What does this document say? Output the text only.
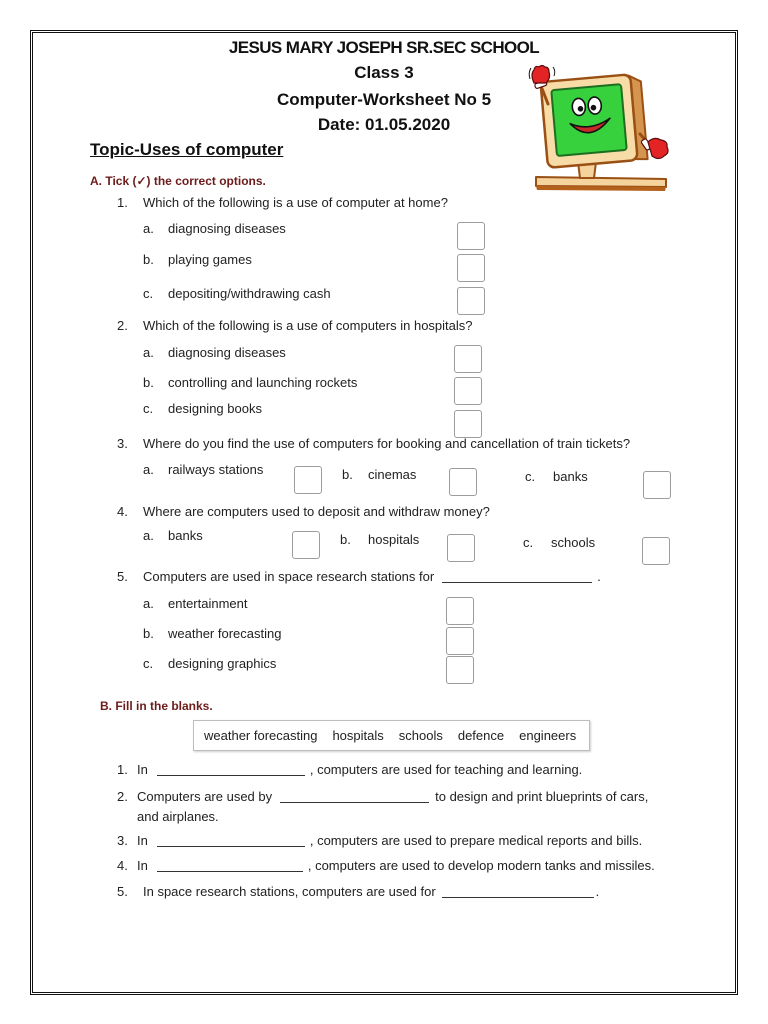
JESUS MARY JOSEPH SR.SEC SCHOOL
Class 3
Computer-Worksheet No 5
Date: 01.05.2020
Topic-Uses of computer
A. Tick (✓) the correct options.
1. Which of the following is a use of computer at home?
a. diagnosing diseases
b. playing games
c. depositing/withdrawing cash
2. Which of the following is a use of computers in hospitals?
a. diagnosing diseases
b. controlling and launching rockets
c. designing books
3. Where do you find the use of computers for booking and cancellation of train tickets?
a. railways stations	b. cinemas	c. banks
4. Where are computers used to deposit and withdraw money?
a. banks	b. hospitals	c. schools
5. Computers are used in space research stations for	.
a. entertainment
b. weather forecasting
c. designing graphics
B. Fill in the blanks.
weather forecasting hospitals schools defence engineers
1. In	, computers are used for teaching and learning.
2. Computers are used by	to design and print blueprints of cars,
and airplanes.
3. In	, computers are used to prepare medical reports and bills.
4. In	, computers are used to develop modern tanks and missiles.
5. In space research stations, computers are used for	.
